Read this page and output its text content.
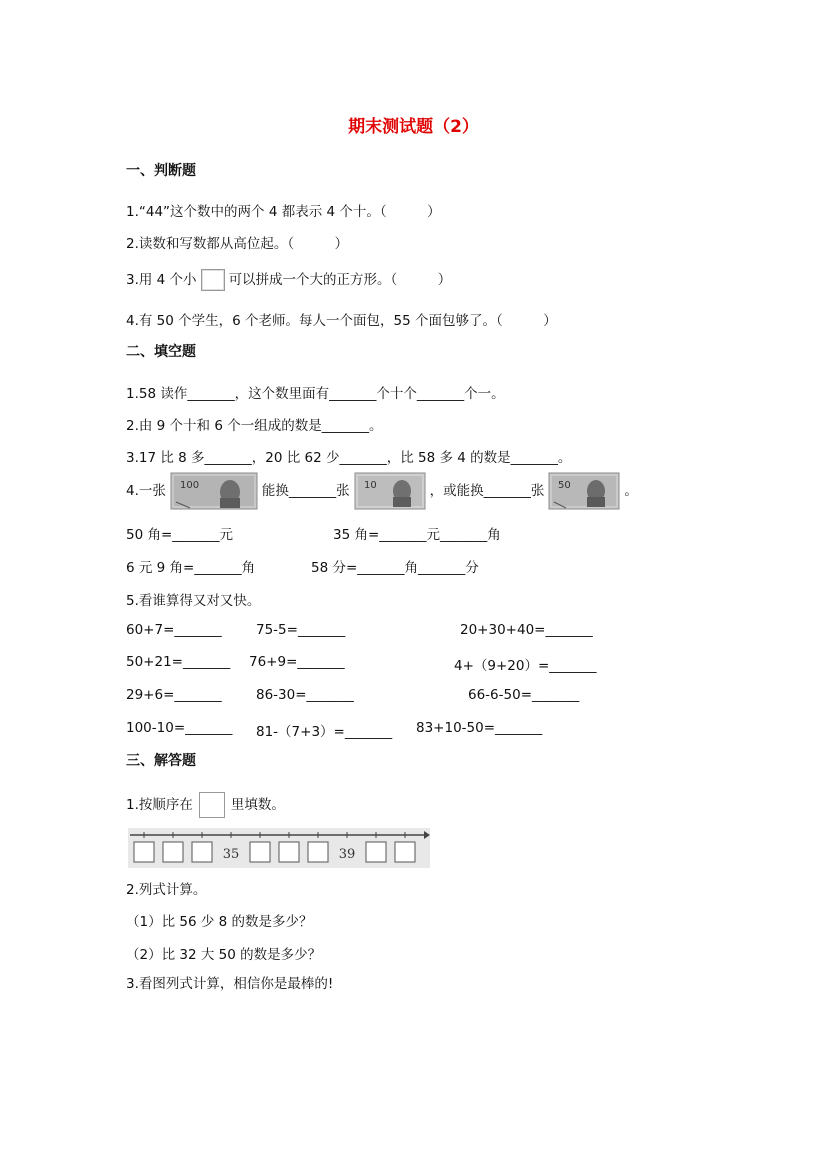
期末测试题（2）
一、判断题
1.“44”这个数中的两个 4 都表示 4 个十。（　　　）
2.读数和写数都从高位起。（　　　）
3.用 4 个小 可以拼成一个大的正方形。（　　　）
4.有 50 个学生，6 个老师。每人一个面包，55 个面包够了。（　　　）
二、填空题
1.58 读作_______，这个数里面有_______个十个_______个一。
2.由 9 个十和 6 个一组成的数是_______。
3.17 比 8 多_______，20 比 62 少_______，比 58 多 4 的数是_______。
4.一张 100	能换_______张 10	，或能换_______张 50	。
50 角=_______元	35 角=_______元_______角
6 元 9 角=_______角	58 分=_______角_______分
5.看谁算得又对又快。
60+7=_______	75-5=_______	20+30+40=_______
50+21=_______ 76+9=_______	4+（9+20）=_______
29+6=_______	86-30=_______	66-6-50=_______
100-10=_______ 81-（7+3）=_______ 83+10-50=_______
三、解答题
1.按顺序在	里填数。
35	39
2.列式计算。
（1）比 56 少 8 的数是多少？
（2）比 32 大 50 的数是多少？
3.看图列式计算，相信你是最棒的!
